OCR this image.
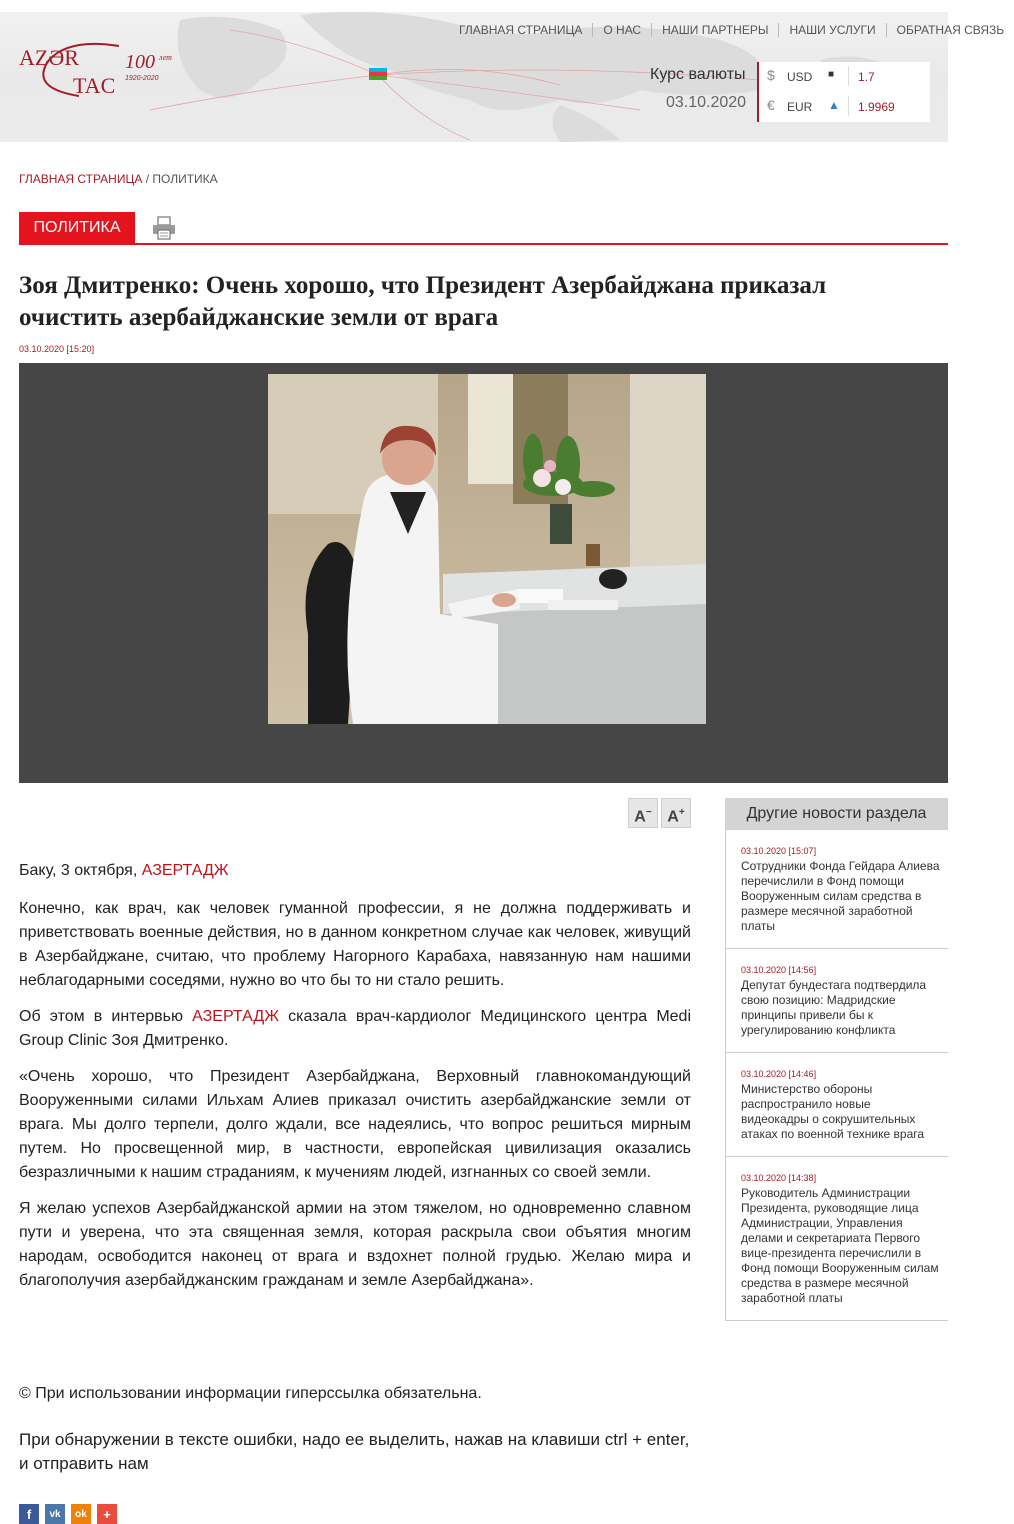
ГЛАВНАЯ СТРАНИЦА	О НАС	НАШИ ПАРТНЕРЫ	НАШИ УСЛУГИ	ОБРАТНАЯ СВЯЗЬ
AZƏR
TAC
100 лет
1920-2020	Курс валюты
03.10.2020
$ USD ■ 1.7
€ EUR ▲ 1.9969
ГЛАВНАЯ СТРАНИЦА / ПОЛИТИКА
ПОЛИТИКА
Зоя Дмитренко: Очень хорошо, что Президент Азербайджана приказал очистить азербайджанские земли от врага
03.10.2020 [15:20]
A− A+

Баку, 3 октября, АЗЕРТАДЖ

Конечно, как врач, как человек гуманной профессии, я не должна поддерживать и приветствовать военные действия, но в данном конкретном случае как человек, живущий в Азербайджане, считаю, что проблему Нагорного Карабаха, навязанную нам нашими неблагодарными соседями, нужно во что бы то ни стало решить.

Об этом в интервью АЗЕРТАДЖ сказала врач-кардиолог Медицинского центра Medi Group Clinic Зоя Дмитренко.

«Очень хорошо, что Президент Азербайджана, Верховный главнокомандующий Вооруженными силами Ильхам Алиев приказал очистить азербайджанские земли от врага. Мы долго терпели, долго ждали, все надеялись, что вопрос решиться мирным путем. Но просвещенной мир, в частности, европейская цивилизация оказались безразличными к нашим страданиям, к мучениям людей, изгнанных со своей земли.

Я желаю успехов Азербайджанской армии на этом тяжелом, но одновременно славном пути и уверена, что эта священная земля, которая раскрыла свои объятия многим народам, освободится наконец от врага и вздохнет полной грудью. Желаю мира и благополучия азербайджанским гражданам и земле Азербайджана».

© При использовании информации гиперссылка обязательна.
При обнаружении в тексте ошибки, надо ее выделить, нажав на клавиши ctrl + enter, и отправить нам
f	vk	ok	+
Другие новости раздела
03.10.2020 [15:07]
Сотрудники Фонда Гейдара Алиева перечислили в Фонд помощи Вооруженным силам средства в размере месячной заработной платы
03.10.2020 [14:56]
Депутат бундестага подтвердила свою позицию: Мадридские принципы привели бы к урегулированию конфликта
03.10.2020 [14:46]
Министерство обороны распространило новые видеокадры о сокрушительных атаках по военной технике врага
03.10.2020 [14:38]
Руководитель Администрации Президента, руководящие лица Администрации, Управления делами и секретариата Первого вице-президента перечислили в Фонд помощи Вооруженным силам средства в размере месячной заработной платы
